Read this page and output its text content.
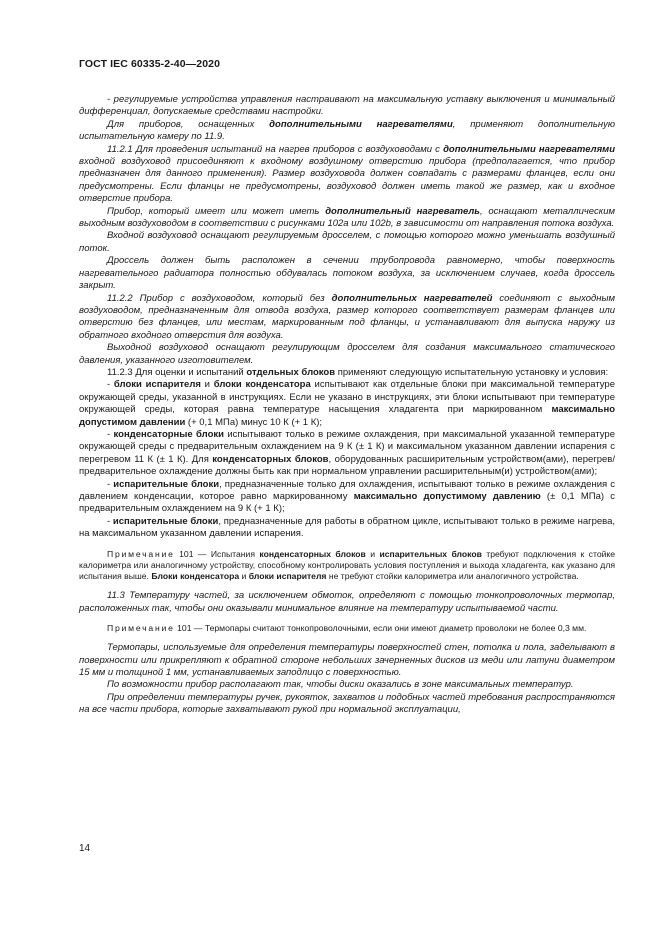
ГОСТ IEC 60335-2-40—2020

- регулируемые устройства управления настраивают на максимальную уставку выключения и минимальный дифференциал, допускаемые средствами настройки.

Для приборов, оснащенных дополнительными нагревателями, применяют дополнительную испытательную камеру по 11.9.

11.2.1 Для проведения испытаний на нагрев приборов с воздуховодами с дополнительными нагревателями входной воздуховод присоединяют к входному воздушному отверстию прибора (предполагается, что прибор предназначен для данного применения). Размер воздуховода должен совпадать с размерами фланцев, если они предусмотрены. Если фланцы не предусмотрены, воздуховод должен иметь такой же размер, как и входное отверстие прибора.

Прибор, который имеет или может иметь дополнительный нагреватель, оснащают металлическим выходным воздуховодом в соответствии с рисунками 102а или 102b, в зависимости от направления потока воздуха.

Входной воздуховод оснащают регулируемым дросселем, с помощью которого можно уменьшать воздушный поток.

Дроссель должен быть расположен в сечении трубопровода равномерно, чтобы поверхность нагревательного радиатора полностью обдувалась потоком воздуха, за исключением случаев, когда дроссель закрыт.

11.2.2 Прибор с воздуховодом, который без дополнительных нагревателей соединяют с выходным воздуховодом, предназначенным для отвода воздуха, размер которого соответствует размерам фланцев или отверстию без фланцев, или местам, маркированным под фланцы, и устанавливают для выпуска наружу из обратного входного отверстия для воздуха.

Выходной воздуховод оснащают регулирующим дросселем для создания максимального статического давления, указанного изготовителем.

11.2.3 Для оценки и испытаний отдельных блоков применяют следующую испытательную установку и условия:

- блоки испарителя и блоки конденсатора испытывают как отдельные блоки при максимальной температуре окружающей среды, указанной в инструкциях. Если не указано в инструкциях, эти блоки испытывают при температуре окружающей среды, которая равна температуре насыщения хладагента при маркированном максимально допустимом давлении (+ 0,1 МПа) минус 10 К (+ 1 К);

- конденсаторные блоки испытывают только в режиме охлаждения, при максимальной указанной температуре окружающей среды с предварительным охлаждением на 9 К (± 1 К) и максимальном указанном давлении испарения с перегревом 11 К (± 1 К). Для конденсаторных блоков, оборудованных расширительным устройством(ами), перегрев/предварительное охлаждение должны быть как при нормальном управлении расширительным(и) устройством(ами);

- испарительные блоки, предназначенные только для охлаждения, испытывают только в режиме охлаждения с давлением конденсации, которое равно маркированному максимально допустимому давлению (± 0,1 МПа) с предварительным охлаждением на 9 К (+ 1 К);

- испарительные блоки, предназначенные для работы в обратном цикле, испытывают только в режиме нагрева, на максимальном указанном давлении испарения.

Примечание 101 — Испытания конденсаторных блоков и испарительных блоков требуют подключения к стойке калориметра или аналогичному устройству, способному контролировать условия поступления и выхода хладагента, как указано для испытания выше. Блоки конденсатора и блоки испарителя не требуют стойки калориметра или аналогичного устройства.

11.3 Температуру частей, за исключением обмоток, определяют с помощью тонкопроволочных термопар, расположенных так, чтобы они оказывали минимальное влияние на температуру испытываемой части.

Примечание 101 — Термопары считают тонкопроволочными, если они имеют диаметр проволоки не более 0,3 мм.

Термопары, используемые для определения температуры поверхностей стен, потолка и пола, заделывают в поверхности или прикрепляют к обратной стороне небольших зачерненных дисков из меди или латуни диаметром 15 мм и толщиной 1 мм, устанавливаемых заподлицо с поверхностью.

По возможности прибор располагают так, чтобы диски оказались в зоне максимальных температур.

При определении температуры ручек, рукояток, захватов и подобных частей требования распространяются на все части прибора, которые захватывают рукой при нормальной эксплуатации,

14
